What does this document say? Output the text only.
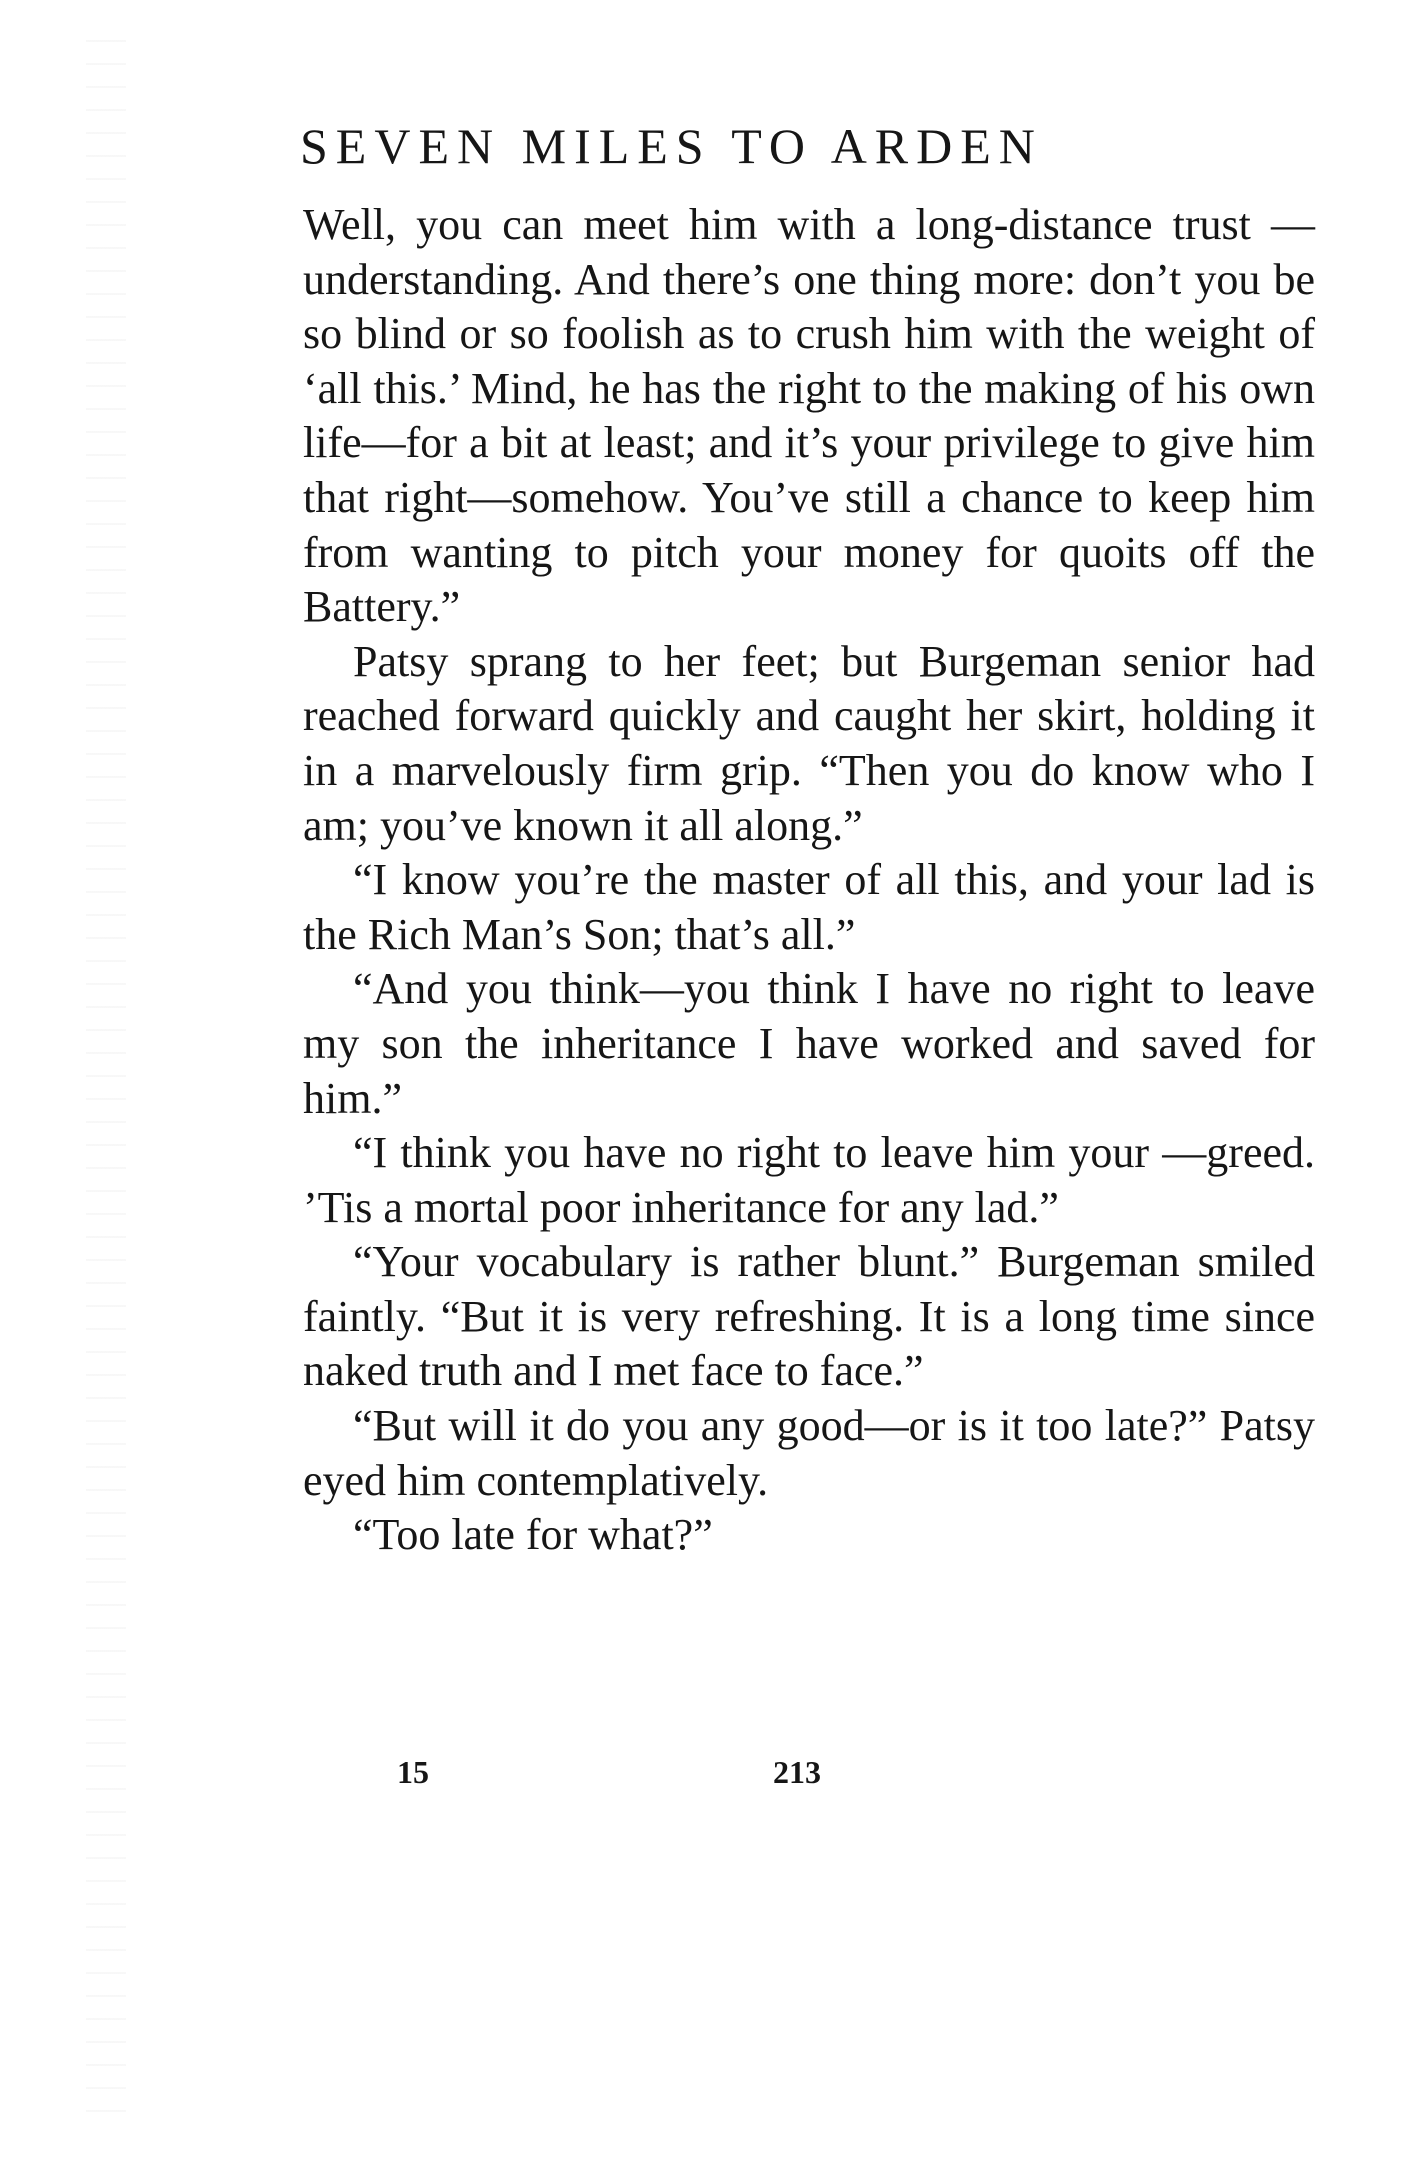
SEVEN MILES TO ARDEN

Well, you can meet him with a long-distance trust —understanding. And there’s one thing more: don’t you be so blind or so foolish as to crush him with the weight of ‘all this.’ Mind, he has the right to the making of his own life—for a bit at least; and it’s your privilege to give him that right—somehow. You’ve still a chance to keep him from wanting to pitch your money for quoits off the Battery.”

Patsy sprang to her feet; but Burgeman senior had reached forward quickly and caught her skirt, holding it in a marvelously firm grip. “Then you do know who I am; you’ve known it all along.”

“I know you’re the master of all this, and your lad is the Rich Man’s Son; that’s all.”

“And you think—you think I have no right to leave my son the inheritance I have worked and saved for him.”

“I think you have no right to leave him your —greed. ’Tis a mortal poor inheritance for any lad.”

“Your vocabulary is rather blunt.” Burgeman smiled faintly. “But it is very refreshing. It is a long time since naked truth and I met face to face.”

“But will it do you any good—or is it too late?” Patsy eyed him contemplatively.

“Too late for what?”

15	213
